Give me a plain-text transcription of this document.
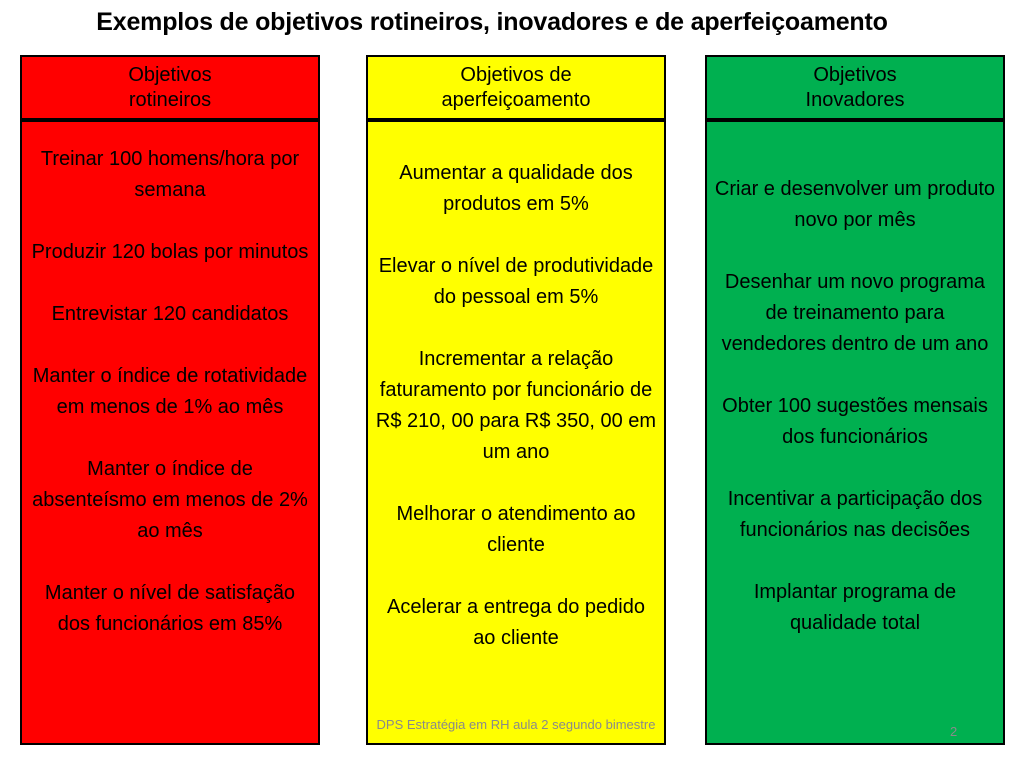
Exemplos de objetivos rotineiros, inovadores e de aperfeiçoamento
Objetivos
rotineiros
Treinar 100 homens/hora por semana
Produzir 120 bolas por minutos
Entrevistar 120 candidatos
Manter o índice de rotatividade em menos de 1% ao mês
Manter o índice de absenteísmo em menos de 2% ao mês
Manter o nível de satisfação dos funcionários em 85%
Objetivos de
aperfeiçoamento
Aumentar a qualidade dos produtos em 5%
Elevar o nível de produtividade do pessoal em 5%
Incrementar a relação faturamento por funcionário de R$ 210, 00 para R$ 350, 00 em um ano
Melhorar o atendimento ao cliente
Acelerar a entrega do pedido ao cliente
Objetivos
Inovadores
Criar e desenvolver um produto novo por mês
Desenhar um novo programa de treinamento para vendedores dentro de um ano
Obter 100 sugestões mensais dos funcionários
Incentivar a participação dos funcionários nas decisões
Implantar programa de qualidade total
DPS Estratégia em RH aula 2 segundo bimestre	2
